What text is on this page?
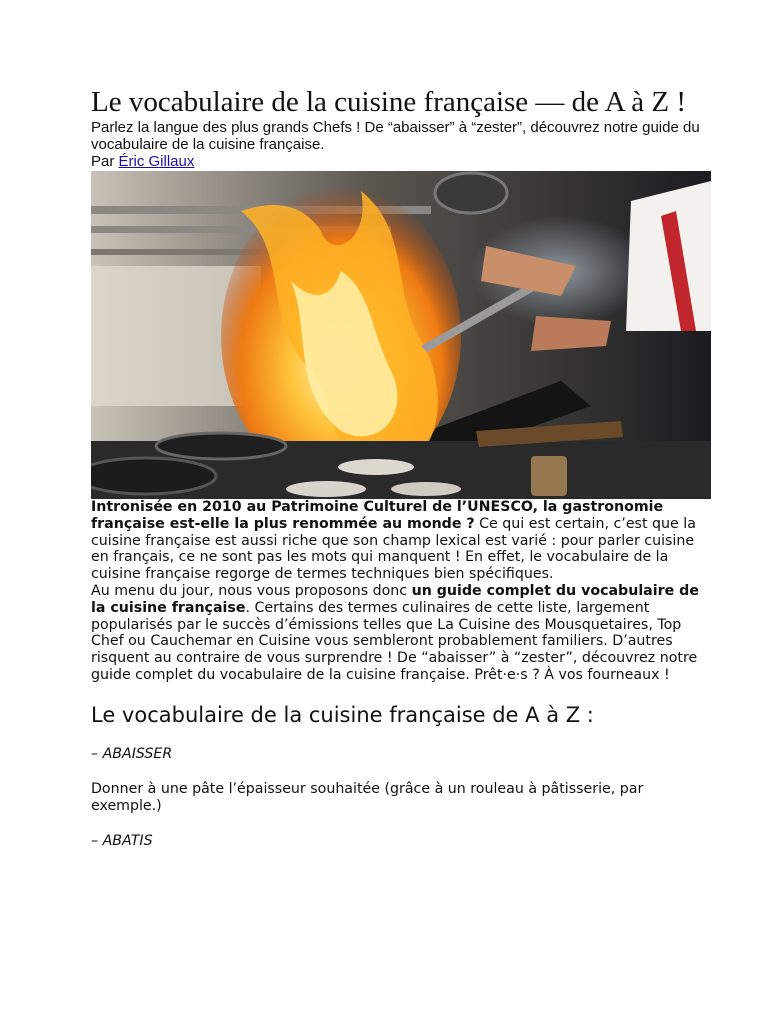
Le vocabulaire de la cuisine française — de A à Z !

Parlez la langue des plus grands Chefs ! De “abaisser” à “zester”, découvrez notre guide du vocabulaire de la cuisine française.

Par Éric Gillaux

Intronisée en 2010 au Patrimoine Culturel de l’UNESCO, la gastronomie française est-elle la plus renommée au monde ? Ce qui est certain, c’est que la cuisine française est aussi riche que son champ lexical est varié : pour parler cuisine en français, ce ne sont pas les mots qui manquent ! En effet, le vocabulaire de la cuisine française regorge de termes techniques bien spécifiques.

Au menu du jour, nous vous proposons donc un guide complet du vocabulaire de la cuisine française. Certains des termes culinaires de cette liste, largement popularisés par le succès d’émissions telles que La Cuisine des Mousquetaires, Top Chef ou Cauchemar en Cuisine vous sembleront probablement familiers. D’autres risquent au contraire de vous surprendre ! De “abaisser” à “zester”, découvrez notre guide complet du vocabulaire de la cuisine française. Prêt·e·s ? À vos fourneaux !

Le vocabulaire de la cuisine française de A à Z :

– ABAISSER

Donner à une pâte l’épaisseur souhaitée (grâce à un rouleau à pâtisserie, par exemple.)

– ABATIS
